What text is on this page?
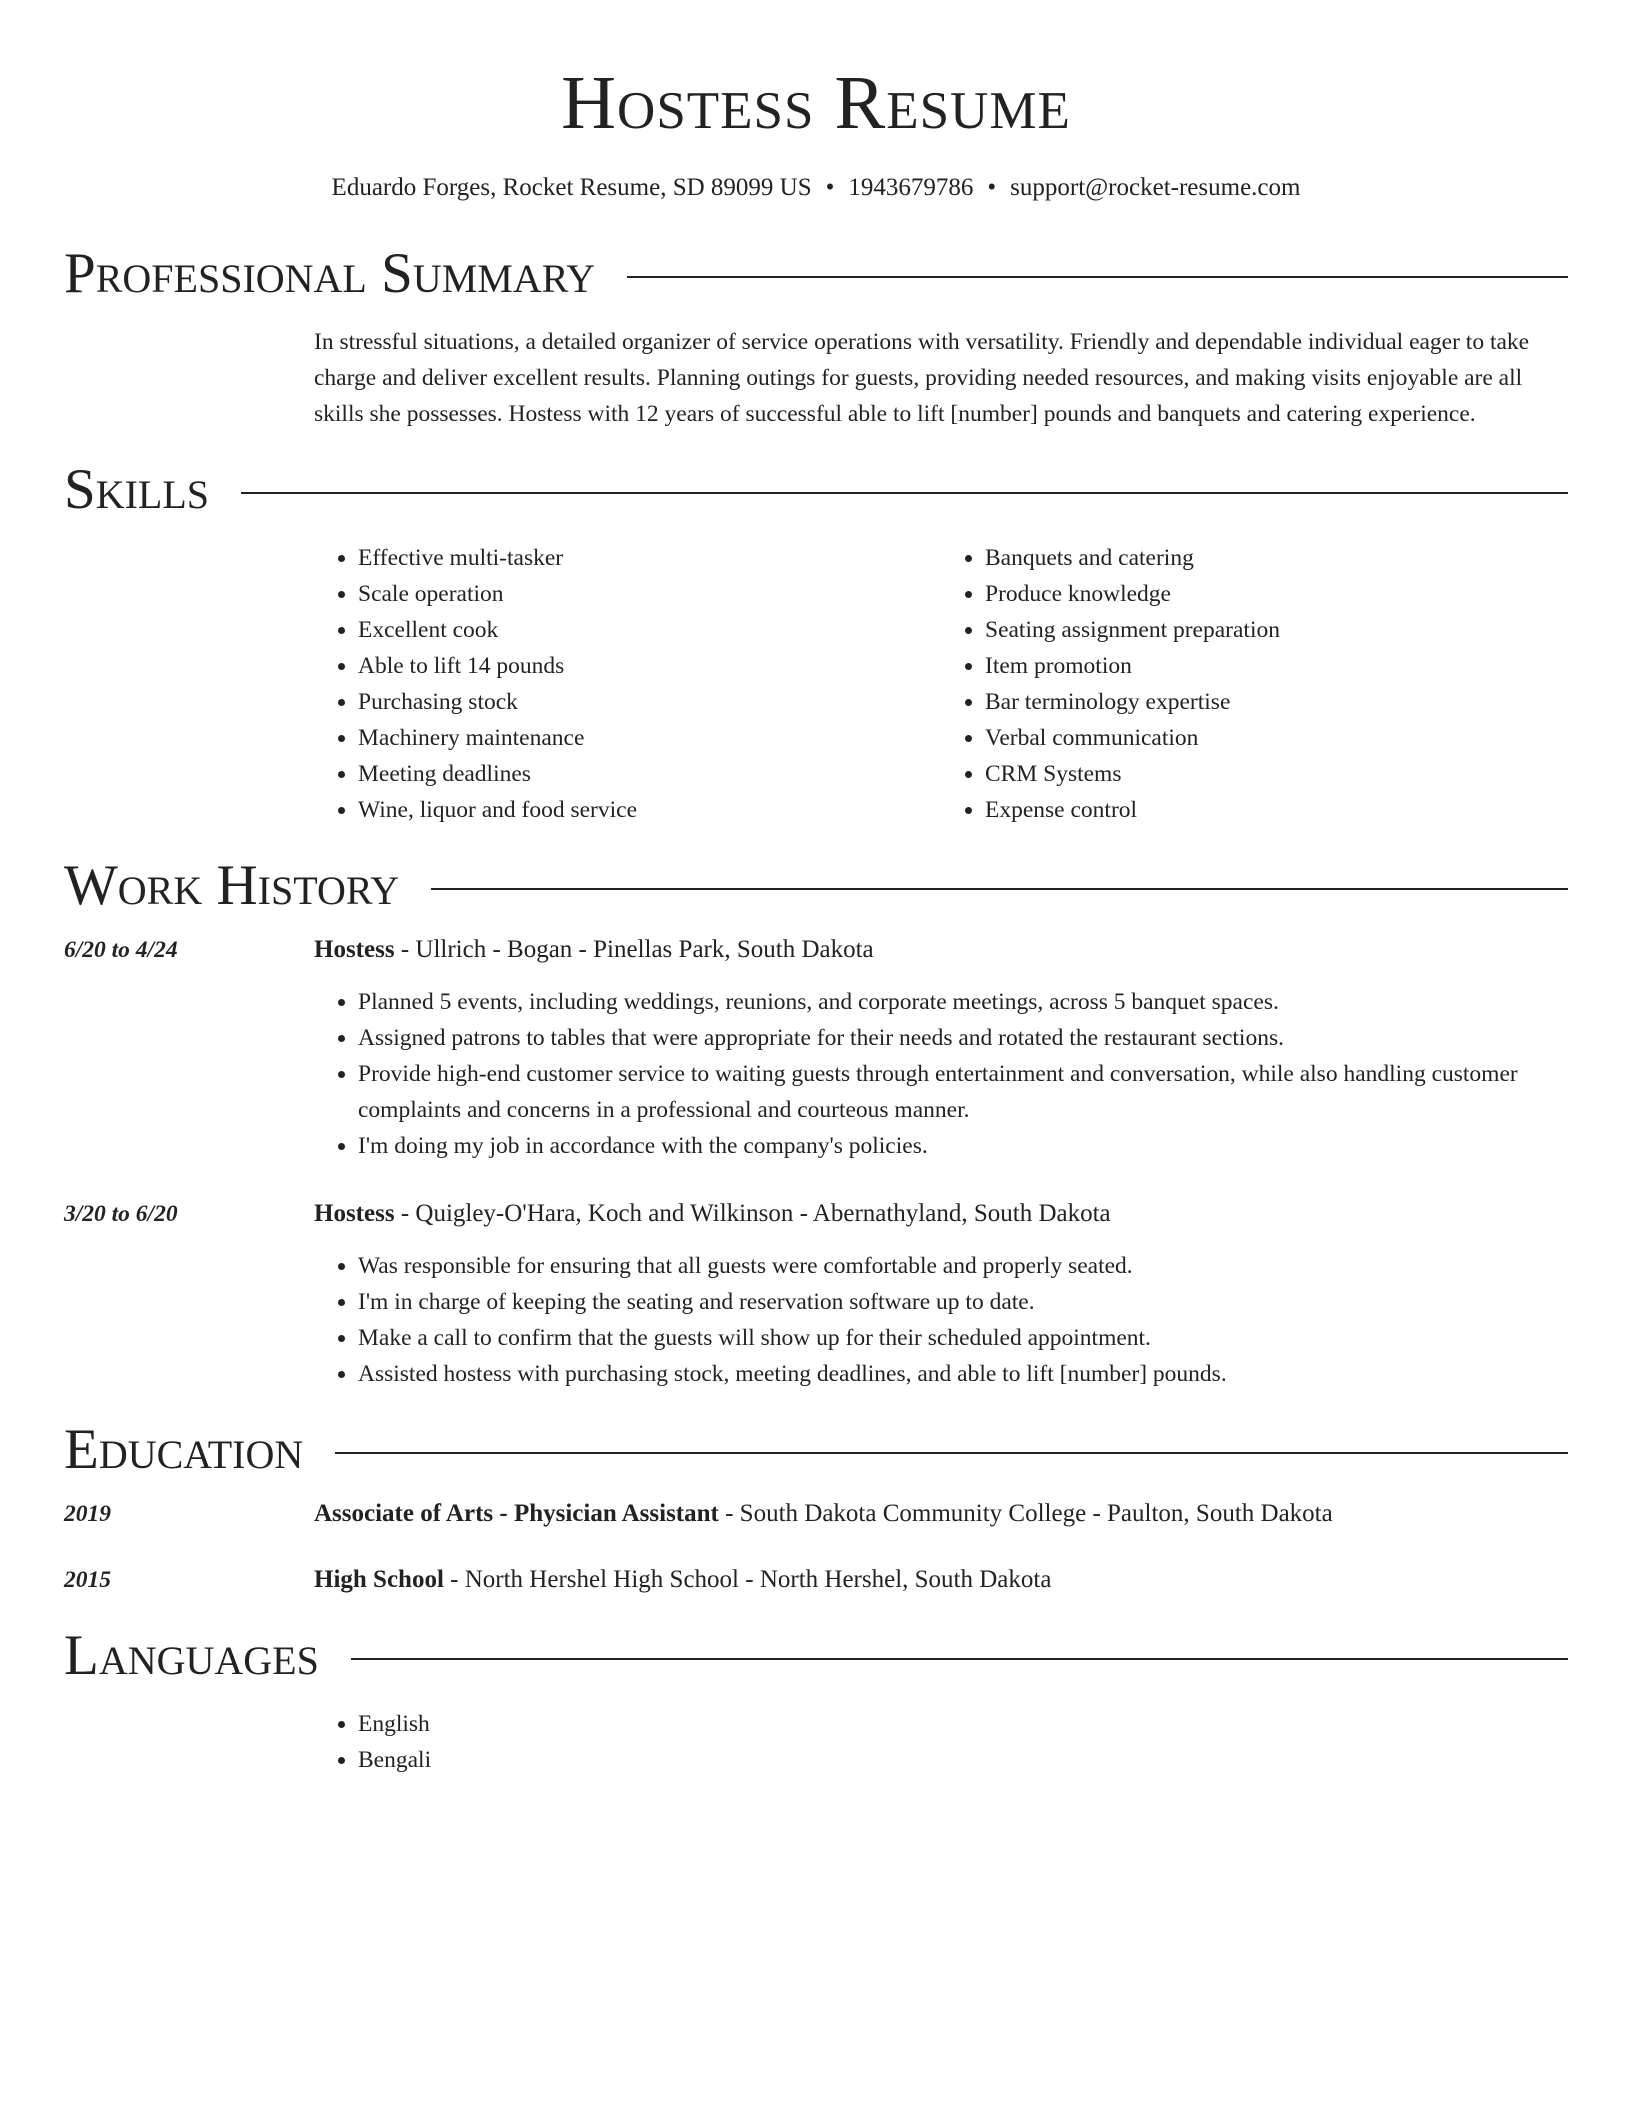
Hostess Resume
Eduardo Forges, Rocket Resume, SD 89099 US • 1943679786 • support@rocket-resume.com
Professional Summary
In stressful situations, a detailed organizer of service operations with versatility. Friendly and dependable individual eager to take charge and deliver excellent results. Planning outings for guests, providing needed resources, and making visits enjoyable are all skills she possesses. Hostess with 12 years of successful able to lift [number] pounds and banquets and catering experience.
Skills
• Effective multi-tasker
• Scale operation
• Excellent cook
• Able to lift 14 pounds
• Purchasing stock
• Machinery maintenance
• Meeting deadlines
• Wine, liquor and food service
• Banquets and catering
• Produce knowledge
• Seating assignment preparation
• Item promotion
• Bar terminology expertise
• Verbal communication
• CRM Systems
• Expense control
Work History
6/20 to 4/24	Hostess - Ullrich - Bogan - Pinellas Park, South Dakota
• Planned 5 events, including weddings, reunions, and corporate meetings, across 5 banquet spaces.
• Assigned patrons to tables that were appropriate for their needs and rotated the restaurant sections.
• Provide high-end customer service to waiting guests through entertainment and conversation, while also handling customer complaints and concerns in a professional and courteous manner.
• I'm doing my job in accordance with the company's policies.
3/20 to 6/20	Hostess - Quigley-O'Hara, Koch and Wilkinson - Abernathyland, South Dakota
• Was responsible for ensuring that all guests were comfortable and properly seated.
• I'm in charge of keeping the seating and reservation software up to date.
• Make a call to confirm that the guests will show up for their scheduled appointment.
• Assisted hostess with purchasing stock, meeting deadlines, and able to lift [number] pounds.
Education
2019	Associate of Arts - Physician Assistant - South Dakota Community College - Paulton, South Dakota
2015	High School - North Hershel High School - North Hershel, South Dakota
Languages
• English
• Bengali
